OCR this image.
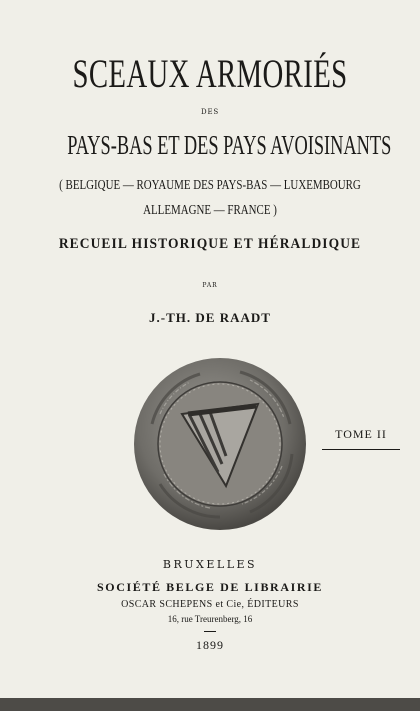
SCEAUX ARMORIÉS
DES
PAYS-BAS ET DES PAYS AVOISINANTS
( BELGIQUE — ROYAUME DES PAYS-BAS — LUXEMBOURG
ALLEMAGNE — FRANCE )
RECUEIL HISTORIQUE ET HÉRALDIQUE
PAR
J.-TH. DE RAADT
TOME II
BRUXELLES
SOCIÉTÉ BELGE DE LIBRAIRIE
OSCAR SCHEPENS et Cie, ÉDITEURS
16, rue Treurenberg, 16
1899
